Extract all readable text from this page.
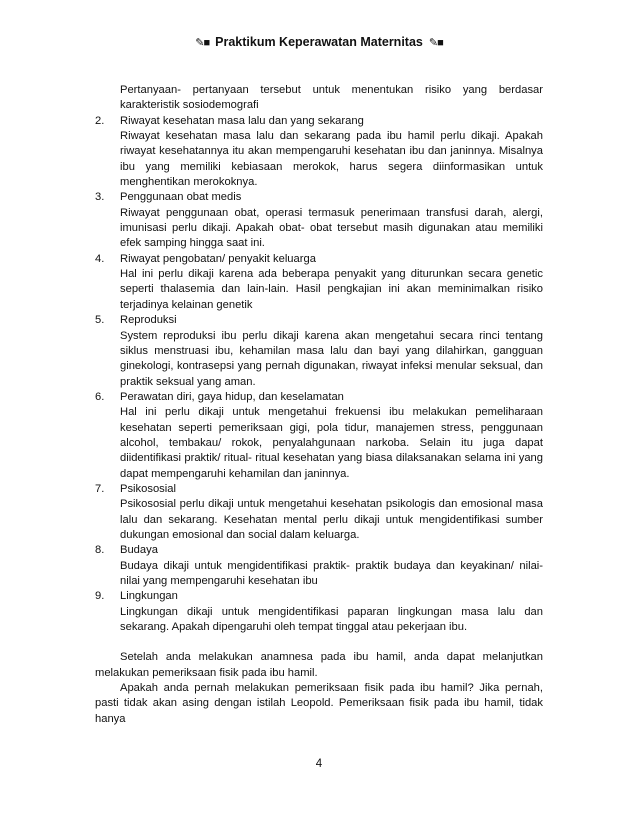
✎■ Praktikum Keperawatan Maternitas ✎■
Pertanyaan- pertanyaan tersebut untuk menentukan risiko yang berdasar karakteristik sosiodemografi
2. Riwayat kesehatan masa lalu dan yang sekarang
Riwayat kesehatan masa lalu dan sekarang pada ibu hamil perlu dikaji. Apakah riwayat kesehatannya itu akan mempengaruhi kesehatan ibu dan janinnya. Misalnya ibu yang memiliki kebiasaan merokok, harus segera diinformasikan untuk menghentikan merokoknya.
3. Penggunaan obat medis
Riwayat penggunaan obat, operasi termasuk penerimaan transfusi darah, alergi, imunisasi perlu dikaji. Apakah obat- obat tersebut masih digunakan atau memiliki efek samping hingga saat ini.
4. Riwayat pengobatan/ penyakit keluarga
Hal ini perlu dikaji karena ada beberapa penyakit yang diturunkan secara genetic seperti thalasemia dan lain-lain. Hasil pengkajian ini akan meminimalkan risiko terjadinya kelainan genetik
5. Reproduksi
System reproduksi ibu perlu dikaji karena akan mengetahui secara rinci tentang siklus menstruasi ibu, kehamilan masa lalu dan bayi yang dilahirkan, gangguan ginekologi, kontrasepsi yang pernah digunakan, riwayat infeksi menular seksual, dan praktik seksual yang aman.
6. Perawatan diri, gaya hidup, dan keselamatan
Hal ini perlu dikaji untuk mengetahui frekuensi ibu melakukan pemeliharaan kesehatan seperti pemeriksaan gigi, pola tidur, manajemen stress, penggunaan alcohol, tembakau/ rokok, penyalahgunaan narkoba. Selain itu juga dapat diidentifikasi praktik/ ritual- ritual kesehatan yang biasa dilaksanakan selama ini yang dapat mempengaruhi kehamilan dan janinnya.
7. Psikososial
Psikososial perlu dikaji untuk mengetahui kesehatan psikologis dan emosional masa lalu dan sekarang. Kesehatan mental perlu dikaji untuk mengidentifikasi sumber dukungan emosional dan social dalam keluarga.
8. Budaya
Budaya dikaji untuk mengidentifikasi praktik- praktik budaya dan keyakinan/ nilai- nilai yang mempengaruhi kesehatan ibu
9. Lingkungan
Lingkungan dikaji untuk mengidentifikasi paparan lingkungan masa lalu dan sekarang. Apakah dipengaruhi oleh tempat tinggal atau pekerjaan ibu.
Setelah anda melakukan anamnesa pada ibu hamil, anda dapat melanjutkan melakukan pemeriksaan fisik pada ibu hamil.
Apakah anda pernah melakukan pemeriksaan fisik pada ibu hamil? Jika pernah, pasti tidak akan asing dengan istilah Leopold. Pemeriksaan fisik pada ibu hamil, tidak hanya
4
